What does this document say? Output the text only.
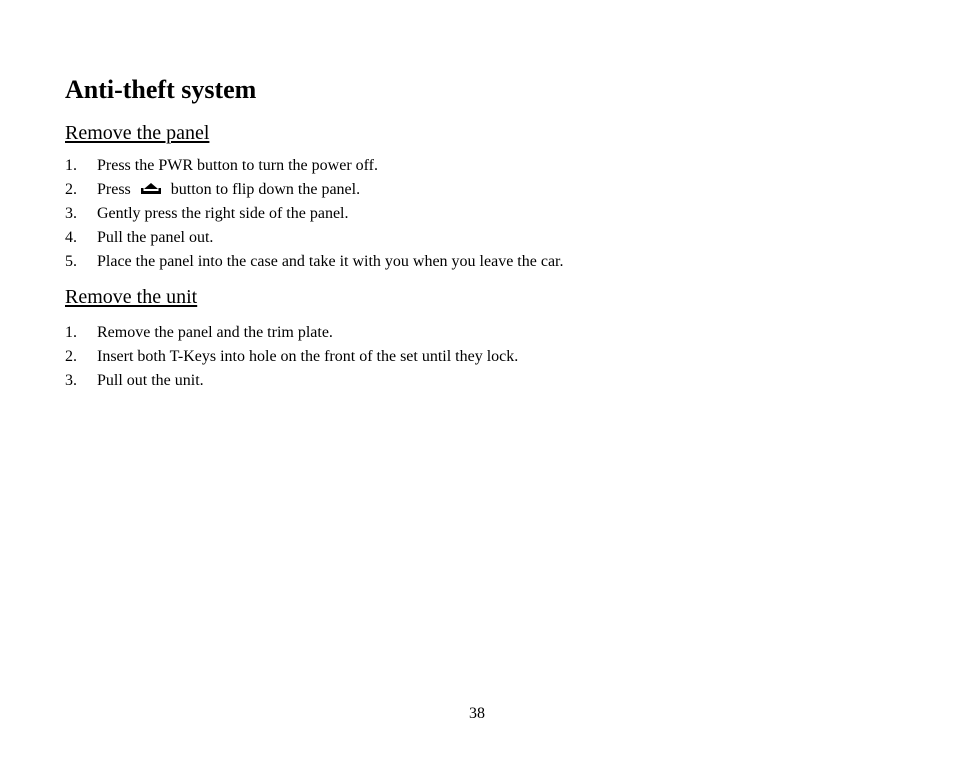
Anti-theft system
Remove the panel
1. Press the PWR button to turn the power off.
2. Press	button to flip down the panel.
3. Gently press the right side of the panel.
4. Pull the panel out.
5. Place the panel into the case and take it with you when you leave the car.
Remove the unit
1. Remove the panel and the trim plate.
2. Insert both T-Keys into hole on the front of the set until they lock.
3. Pull out the unit.
38
